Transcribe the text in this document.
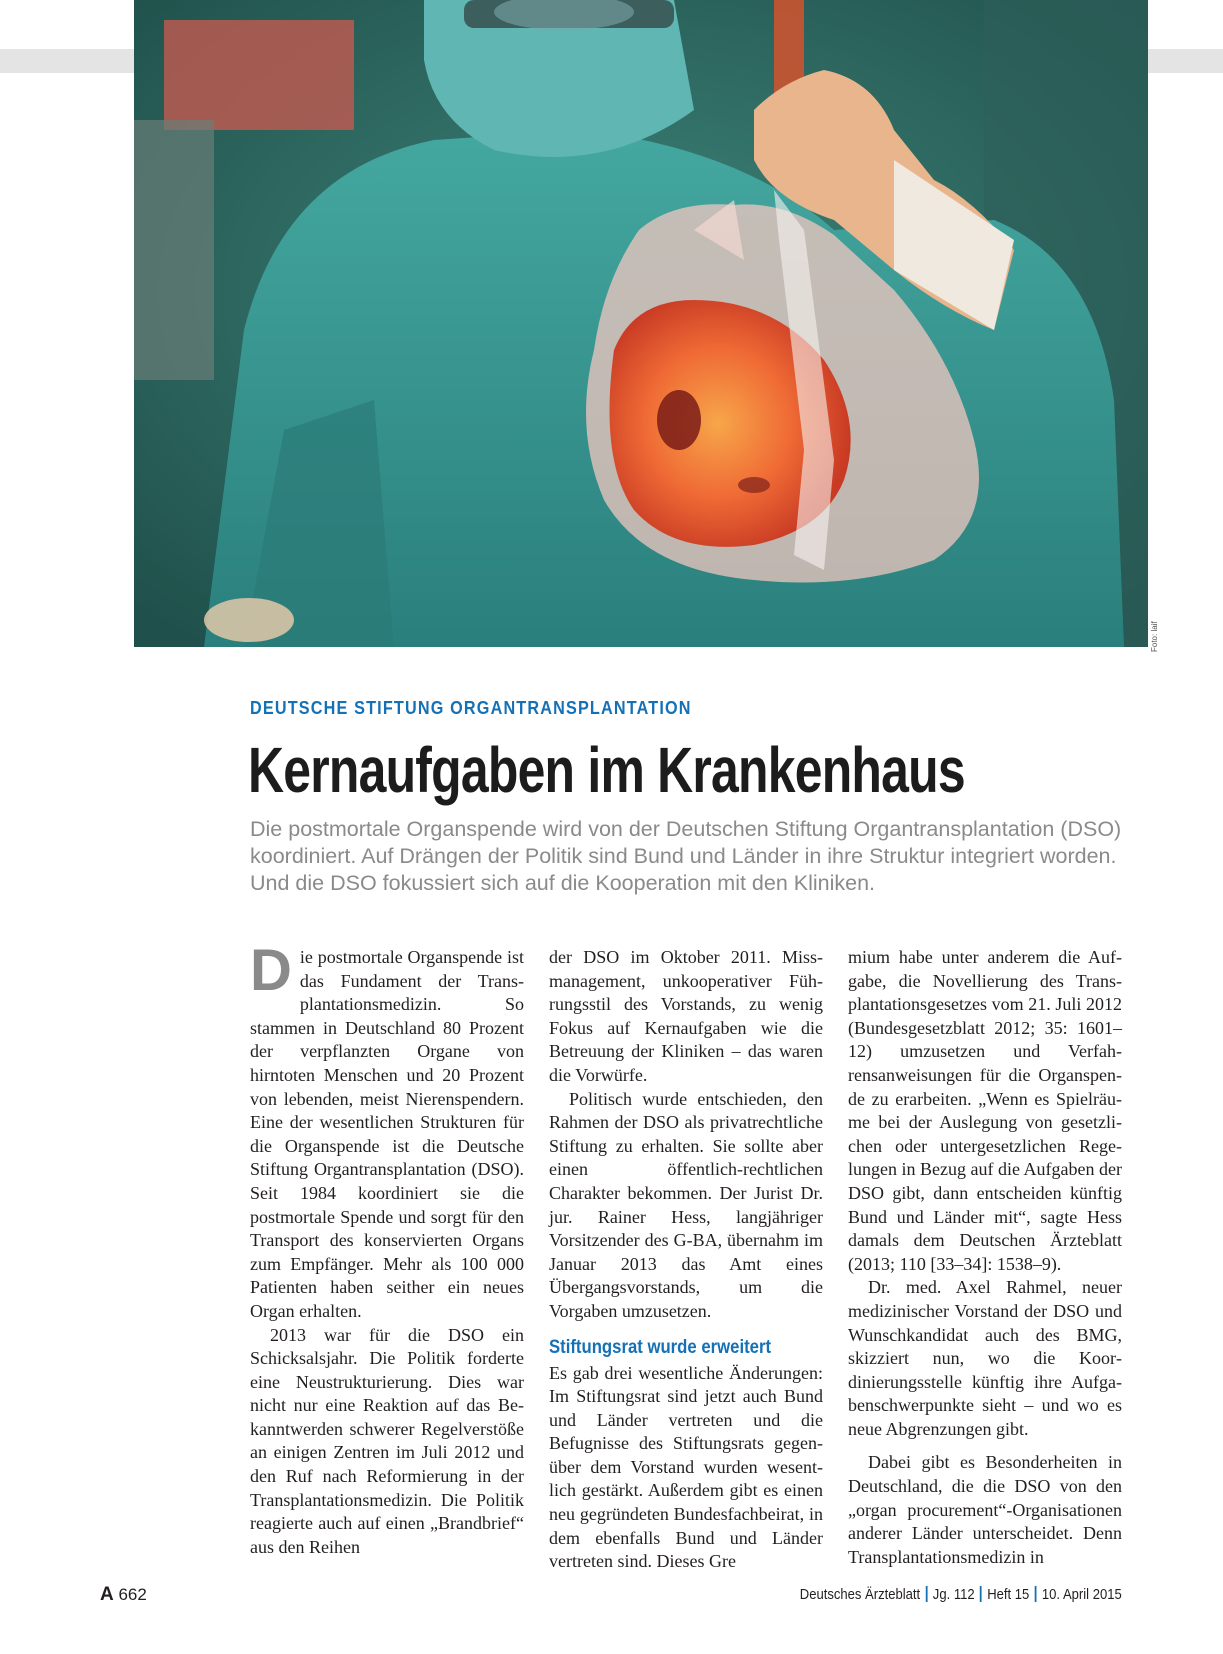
Foto: laif
DEUTSCHE STIFTUNG ORGANTRANSPLANTATION
Kernaufgaben im Krankenhaus
Die postmortale Organspende wird von der Deutschen Stiftung Organtransplantation (DSO) koordiniert. Auf Drängen der Politik sind Bund und Länder in ihre Struktur integriert worden. Und die DSO fokussiert sich auf die Kooperation mit den Kliniken.

Die postmortale Organspende ist das Fundament der Transplantationsmedizin. So stammen in Deutschland 80 Prozent der verpflanzten Organe von hirntoten Menschen und 20 Prozent von lebenden, meist Nierenspendern. Eine der wesentlichen Strukturen für die Organspende ist die Deutsche Stiftung Organtransplantation (DSO). Seit 1984 koordiniert sie die postmortale Spende und sorgt für den Transport des konservierten Organs zum Empfänger. Mehr als 100 000 Patienten haben seither ein neues Organ erhalten.

2013 war für die DSO ein Schicksalsjahr. Die Politik forderte eine Neustrukturierung. Dies war nicht nur eine Reaktion auf das Bekanntwerden schwerer Regelverstöße an einigen Zentren im Juli 2012 und den Ruf nach Reformierung in der Transplantationsmedizin. Die Politik reagierte auch auf einen „Brandbrief“ aus den Reihen

der DSO im Oktober 2011. Missmanagement, unkooperativer Führungsstil des Vorstands, zu wenig Fokus auf Kernaufgaben wie die Betreuung der Kliniken – das waren die Vorwürfe.

Politisch wurde entschieden, den Rahmen der DSO als privatrechtliche Stiftung zu erhalten. Sie sollte aber einen öffentlich-rechtlichen Charakter bekommen. Der Jurist Dr. jur. Rainer Hess, langjähriger Vorsitzender des G-BA, übernahm im Januar 2013 das Amt eines Übergangsvorstands, um die Vorgaben umzusetzen.

Stiftungsrat wurde erweitert

Es gab drei wesentliche Änderungen: Im Stiftungsrat sind jetzt auch Bund und Länder vertreten und die Befugnisse des Stiftungsrats gegenüber dem Vorstand wurden wesentlich gestärkt. Außerdem gibt es einen neu gegründeten Bundesfachbeirat, in dem ebenfalls Bund und Länder vertreten sind. Dieses Gre

mium habe unter anderem die Aufgabe, die Novellierung des Transplantationsgesetzes vom 21. Juli 2012 (Bundesgesetzblatt 2012; 35: 1601–12) umzusetzen und Verfahrensanweisungen für die Organspende zu erarbeiten. „Wenn es Spielräume bei der Auslegung von gesetzlichen oder untergesetzlichen Regelungen in Bezug auf die Aufgaben der DSO gibt, dann entscheiden künftig Bund und Länder mit“, sagte Hess damals dem Deutschen Ärzteblatt (2013; 110 [33–34]: 1538–9).

Dr. med. Axel Rahmel, neuer medizinischer Vorstand der DSO und Wunschkandidat auch des BMG, skizziert nun, wo die Koordinierungsstelle künftig ihre Aufgabenschwerpunkte sieht – und wo es neue Abgrenzungen gibt.

Dabei gibt es Besonderheiten in Deutschland, die die DSO von den „organ procurement“-Organisationen anderer Länder unterscheidet. Denn Transplantationsmedizin in

A 662	Deutsches Ärzteblatt Jg. 112 Heft 15 10. April 2015
